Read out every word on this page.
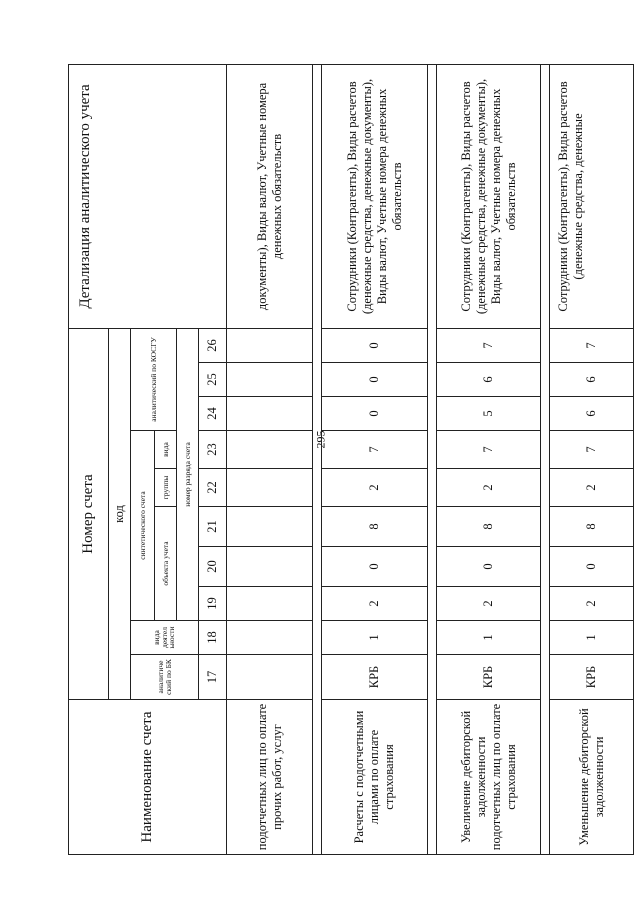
295
Наименование счета	Номер счета										Детализация аналитического учета
	код										
	аналитиче ский по БК	вида деятел ьности	синтетического счета					аналитический по КОСГУ			
			объекта учета			группы	вида				
			номер разряда счета								
	17	18	19	20	21	22	23	24	25	26	
подотчетных лиц по оплате прочих работ, услуг											документы), Виды валют, Учетные номера денежных обязательств

Расчеты с подотчетными лицами по оплате страхования	КРБ	1	2	0	8	2	7	0	0	0	Сотрудники (Контрагенты), Виды расчетов (денежные средства, денежные документы), Виды валют, Учетные номера денежных обязательств

Увеличение дебиторской задолженности подотчетных лиц по оплате страхования	КРБ	1	2	0	8	2	7	5	6	7	Сотрудники (Контрагенты), Виды расчетов (денежные средства, денежные документы), Виды валют, Учетные номера денежных обязательств

Уменьшение дебиторской задолженности	КРБ	1	2	0	8	2	7	6	6	7	Сотрудники (Контрагенты), Виды расчетов (денежные средства, денежные
